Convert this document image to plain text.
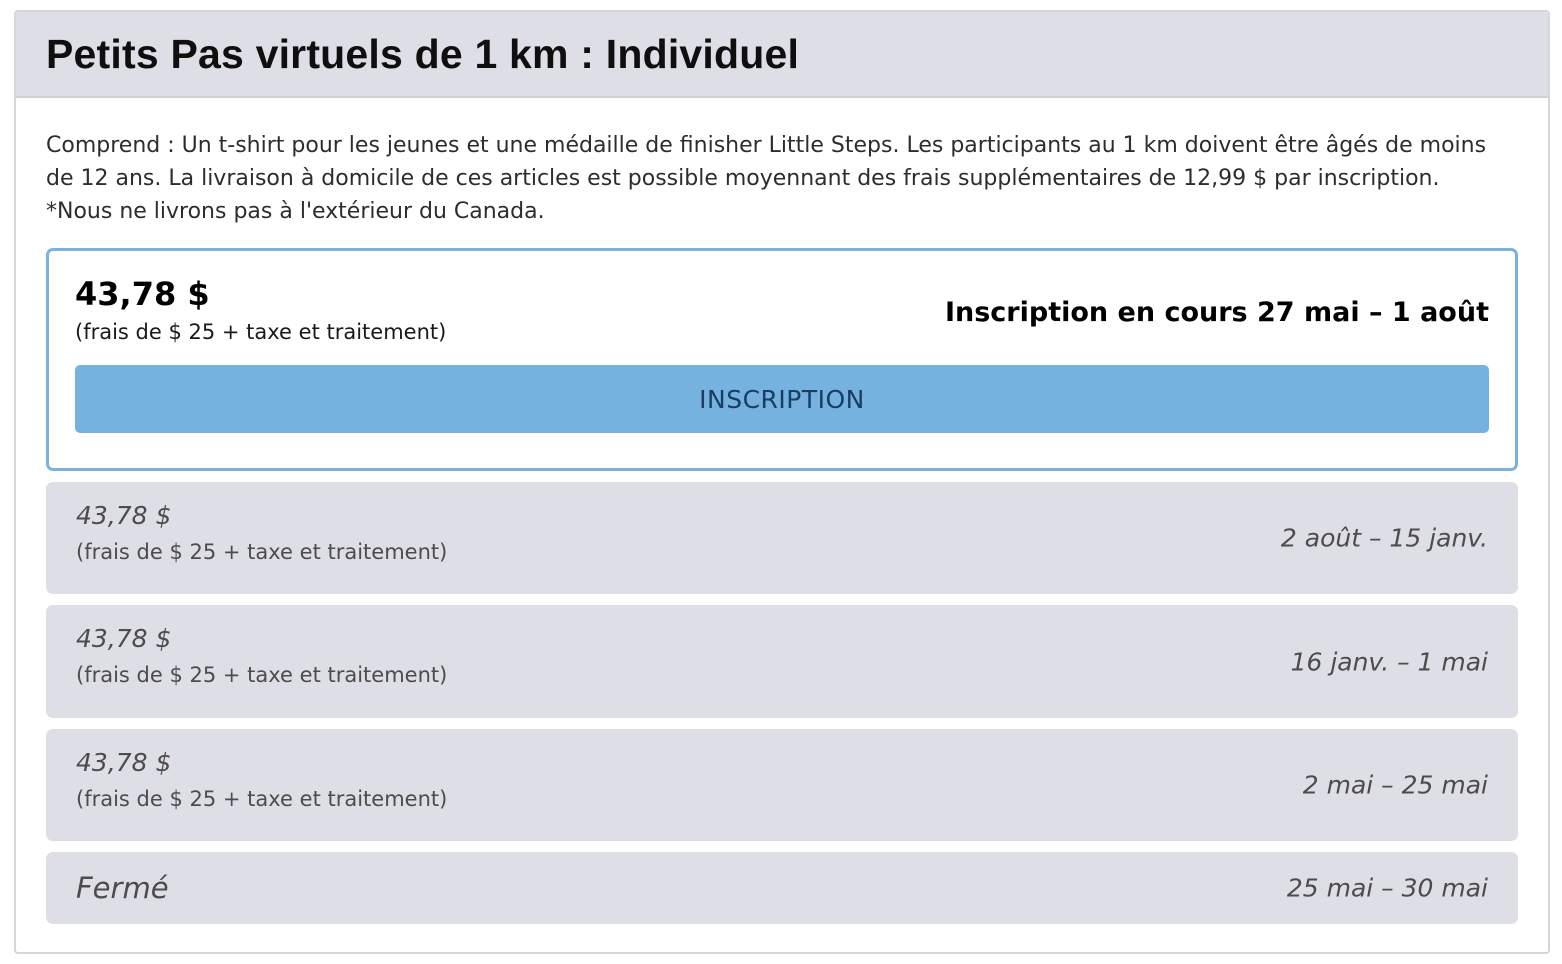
Petits Pas virtuels de 1 km : Individuel

Comprend : Un t-shirt pour les jeunes et une médaille de finisher Little Steps. Les participants au 1 km doivent être âgés de moins de 12 ans. La livraison à domicile de ces articles est possible moyennant des frais supplémentaires de 12,99 $ par inscription.

*Nous ne livrons pas à l'extérieur du Canada.

43,78 $
(frais de $ 25 + taxe et traitement)
Inscription en cours 27 mai – 1 août
INSCRIPTION
43,78 $
(frais de $ 25 + taxe et traitement)	2 août – 15 janv.
43,78 $
(frais de $ 25 + taxe et traitement)	16 janv. – 1 mai
43,78 $
(frais de $ 25 + taxe et traitement)	2 mai – 25 mai
Fermé	25 mai – 30 mai
